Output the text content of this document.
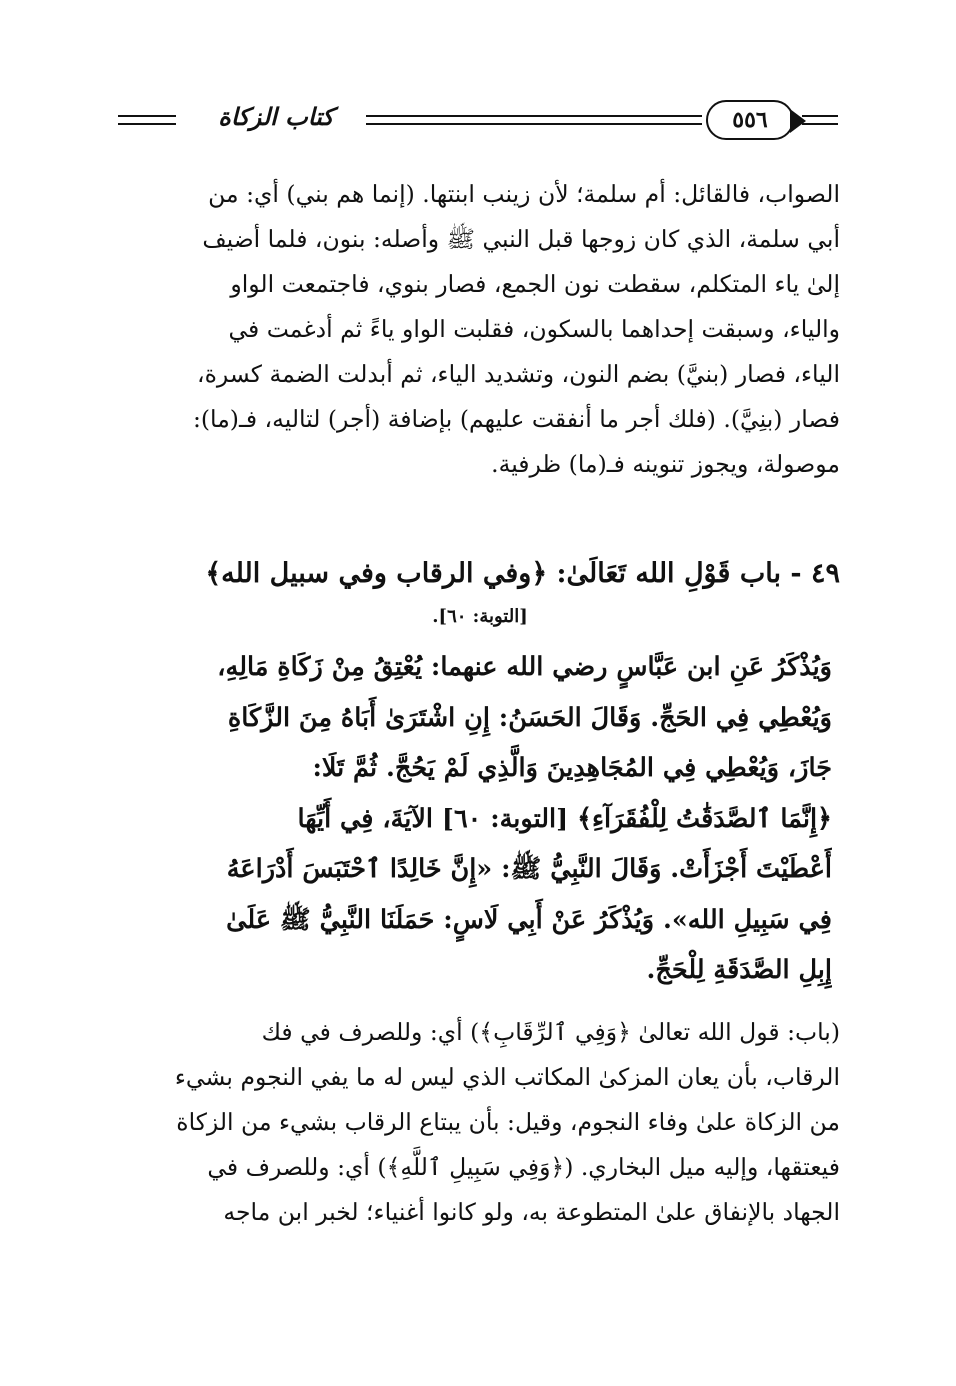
كتاب الزكاة	٥٥٦
الصواب، فالقائل: أم سلمة؛ لأن زينب ابنتها. (إنما هم بني) أي: من
أبي سلمة، الذي كان زوجها قبل النبي ﷺ وأصله: بنون، فلما أضيف
إلىٰ ياء المتكلم، سقطت نون الجمع، فصار بنوي، فاجتمعت الواو
والياء، وسبقت إحداهما بالسكون، فقلبت الواو ياءً ثم أدغمت في
الياء، فصار (بنيَّ) بضم النون، وتشديد الياء، ثم أبدلت الضمة كسرة،
فصار (بنِيَّ). (فلك أجر ما أنفقت عليهم) بإضافة (أجر) لتاليه، فـ(ما):
موصولة، ويجوز تنوينه فـ(ما) ظرفية.
٤٩ - باب قَوْلِ الله تَعَالَىٰ: ﴿وفي الرقاب وفي سبيل الله﴾
[التوبة: ٦٠].
وَيُذْكَرُ عَنِ ابن عَبَّاسٍ رضي الله عنهما: يُعْتِقُ مِنْ زَكَاةِ مَالِهِ،
وَيُعْطِي فِي الحَجِّ. وَقَالَ الحَسَنُ: إِنِ اشْتَرَىٰ أَبَاهُ مِنَ الزَّكَاةِ
جَازَ، وَيُعْطِي فِي المُجَاهِدِينَ وَالَّذِي لَمْ يَحُجَّ. ثُمَّ تَلَا:
﴿إِنَّمَا ٱلصَّدَقَٰتُ لِلْفُقَرَآءِ﴾ [التوبة: ٦٠] الآيَةَ، فِي أَيِّهَا
أَعْطَيْتَ أَجْزَأَتْ. وَقَالَ النَّبِيُّ ﷺ: «إِنَّ خَالِدًا ٱحْتَبَسَ أَدْرَاعَهُ
فِي سَبِيلِ الله». وَيُذْكَرُ عَنْ أَبِي لَاسٍ: حَمَلَنَا النَّبِيُّ ﷺ عَلَىٰ
إِبِلِ الصَّدَقَةِ لِلْحَجِّ.
(باب: قول الله تعالىٰ ﴿وَفِي ٱلرِّقَابِ﴾) أي: وللصرف في فك
الرقاب، بأن يعان المزكىٰ المكاتب الذي ليس له ما يفي النجوم بشيء
من الزكاة علىٰ وفاء النجوم، وقيل: بأن يبتاع الرقاب بشيء من الزكاة
فيعتقها، وإليه ميل البخاري. (﴿وَفِي سَبِيلِ ٱللَّهِ﴾) أي: وللصرف في
الجهاد بالإنفاق علىٰ المتطوعة به، ولو كانوا أغنياء؛ لخبر ابن ماجه
